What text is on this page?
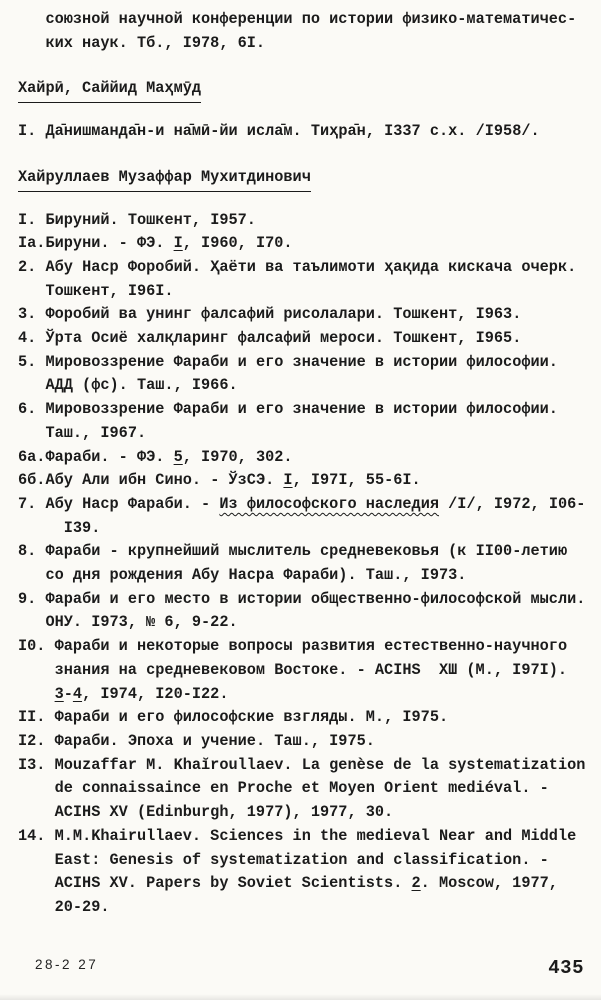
союзной научной конференции по истории физико-математичес-
ких наук. Тб., I978, 6I.
Хайрӣ, Саййид Маҳмӯд
I. Да̄нишманда̄н-и на̄мӣ-йи исла̄м. Тиҳра̄н, I337 с.х. /I958/.
Хайруллаев Музаффар Мухитдинович
I. Бируний. Тошкент, I957.
Iа.Бируни. - ФЭ. I, I960, I70.
2. Абу Наср Форобий. Ҳаёти ва таълимоти ҳақида кискача очерк.
Тошкент, I96I.
3. Форобий ва унинг фалсафий рисолалари. Тошкент, I963.
4. Ўрта Осиё халқларинг фалсафий мероси. Тошкент, I965.
5. Мировоззрение Фараби и его значение в истории философии.
АДД (фс). Таш., I966.
6. Мировоззрение Фараби и его значение в истории философии.
Таш., I967.
6а.Фараби. - ФЭ. 5, I970, 302.
6б.Абу Али ибн Сино. - ЎзСЭ. I, I97I, 55-6I.
7. Абу Наср Фараби. - Из философского наследия /I/, I972, I06-
I39.
8. Фараби - крупнейший мыслитель средневековья (к II00-летию
со дня рождения Абу Насра Фараби). Таш., I973.
9. Фараби и его место в истории общественно-философской мысли.
ОНУ. I973, № 6, 9-22.
I0. Фараби и некоторые вопросы развития естественно-научного
знания на средневековом Востоке. - ACIHS  ХШ (М., I97I).
3-4, I974, I20-I22.
II. Фараби и его философские взгляды. М., I975.
I2. Фараби. Эпоха и учение. Таш., I975.
I3. Mouzaffar M. Khaĭroullaev. La genèse de la systematization
de connaissaince en Proche et Moyen Orient mediéval. -
ACIHS XV (Edinburgh, 1977), 1977, 30.
14. M.M.Khairullaev. Sciences in the medieval Near and Middle
East: Genesis of systematization and classification. -
ACIHS XV. Papers by Soviet Scientists. 2. Moscow, 1977,
20-29.
28-2 27	435
